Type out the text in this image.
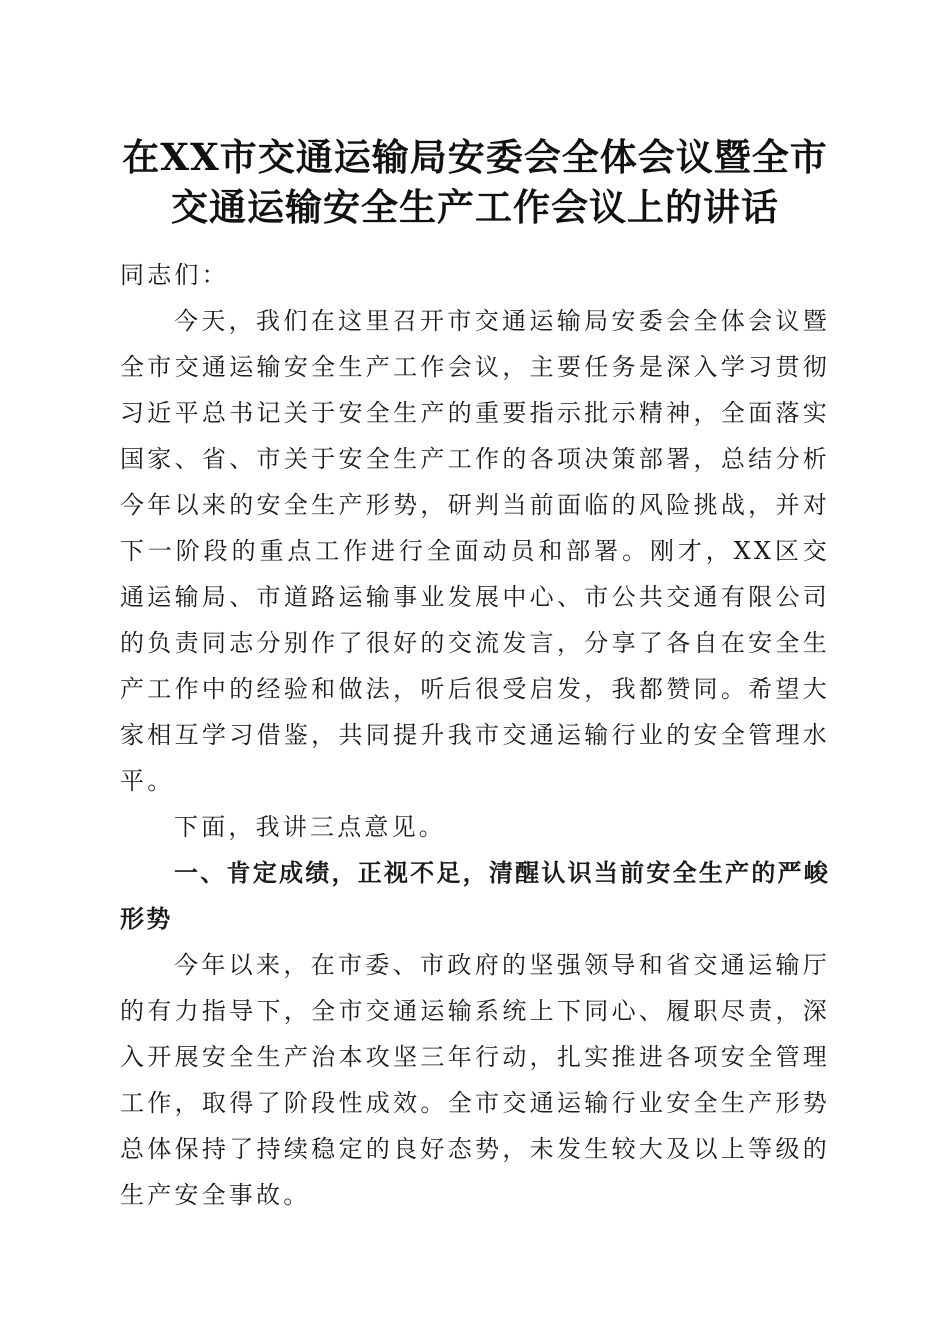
在XX市交通运输局安委会全体会议暨全市交通运输安全生产工作会议上的讲话

同志们：

今天，我们在这里召开市交通运输局安委会全体会议暨全市交通运输安全生产工作会议，主要任务是深入学习贯彻习近平总书记关于安全生产的重要指示批示精神，全面落实国家、省、市关于安全生产工作的各项决策部署，总结分析今年以来的安全生产形势，研判当前面临的风险挑战，并对下一阶段的重点工作进行全面动员和部署。刚才，XX区交通运输局、市道路运输事业发展中心、市公共交通有限公司的负责同志分别作了很好的交流发言，分享了各自在安全生产工作中的经验和做法，听后很受启发，我都赞同。希望大家相互学习借鉴，共同提升我市交通运输行业的安全管理水平。

下面，我讲三点意见。

一、肯定成绩，正视不足，清醒认识当前安全生产的严峻形势

今年以来，在市委、市政府的坚强领导和省交通运输厅的有力指导下，全市交通运输系统上下同心、履职尽责，深入开展安全生产治本攻坚三年行动，扎实推进各项安全管理工作，取得了阶段性成效。全市交通运输行业安全生产形势总体保持了持续稳定的良好态势，未发生较大及以上等级的生产安全事故。
